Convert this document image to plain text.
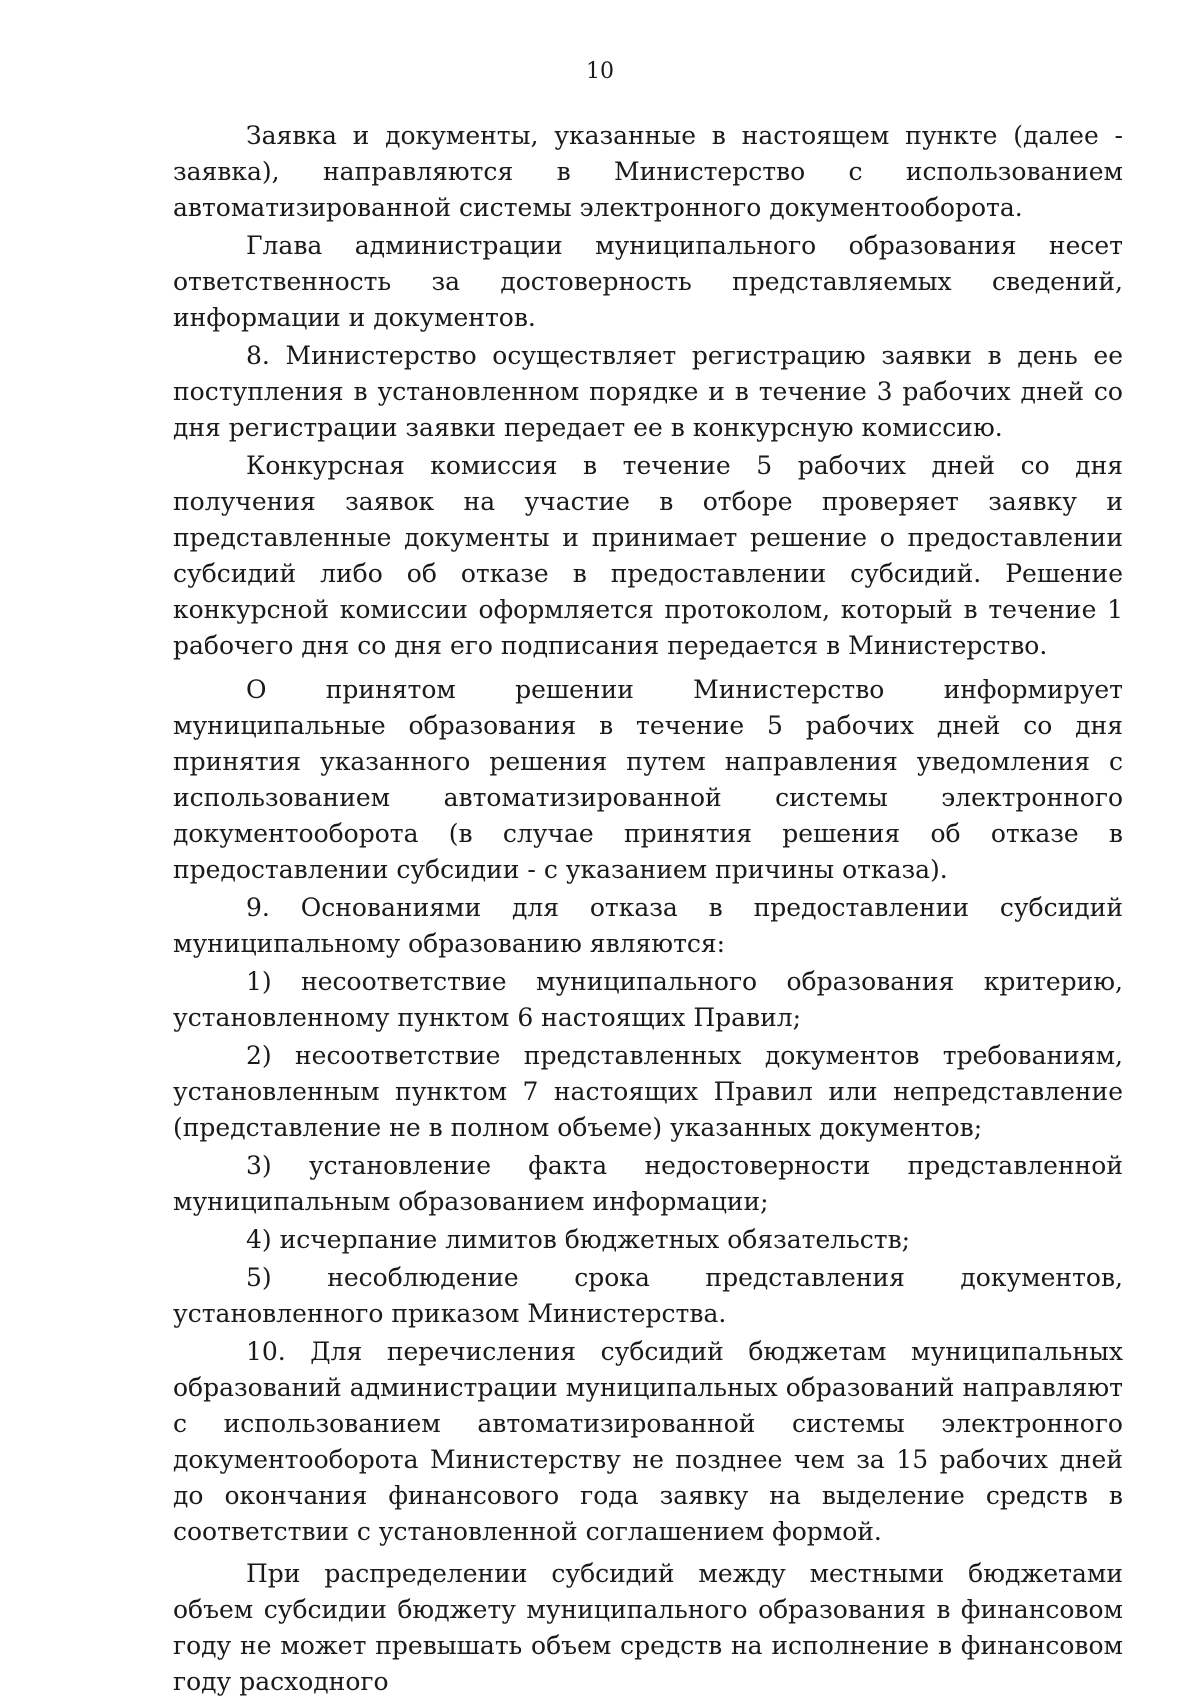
10

Заявка и документы, указанные в настоящем пункте (далее - заявка), направляются в Министерство с использованием автоматизированной системы электронного документооборота.

Глава администрации муниципального образования несет ответственность за достоверность представляемых сведений, информации и документов.

8. Министерство осуществляет регистрацию заявки в день ее поступления в установленном порядке и в течение 3 рабочих дней со дня регистрации заявки передает ее в конкурсную комиссию.

Конкурсная комиссия в течение 5 рабочих дней со дня получения заявок на участие в отборе проверяет заявку и представленные документы и принимает решение о предоставлении субсидий либо об отказе в предоставлении субсидий. Решение конкурсной комиссии оформляется протоколом, который в течение 1 рабочего дня со дня его подписания передается в Министерство.

О принятом решении Министерство информирует муниципальные образования в течение 5 рабочих дней со дня принятия указанного решения путем направления уведомления с использованием автоматизированной системы электронного документооборота (в случае принятия решения об отказе в предоставлении субсидии - с указанием причины отказа).

9. Основаниями для отказа в предоставлении субсидий муниципальному образованию являются:

1) несоответствие муниципального образования критерию, установленному пунктом 6 настоящих Правил;

2) несоответствие представленных документов требованиям, установленным пунктом 7 настоящих Правил или непредставление (представление не в полном объеме) указанных документов;

3) установление факта недостоверности представленной муниципальным образованием информации;

4) исчерпание лимитов бюджетных обязательств;

5) несоблюдение срока представления документов, установленного приказом Министерства.

10. Для перечисления субсидий бюджетам муниципальных образований администрации муниципальных образований направляют с использованием автоматизированной системы электронного документооборота Министерству не позднее чем за 15 рабочих дней до окончания финансового года заявку на выделение средств в соответствии с установленной соглашением формой.

При распределении субсидий между местными бюджетами объем субсидии бюджету муниципального образования в финансовом году не может превышать объем средств на исполнение в финансовом году расходного
